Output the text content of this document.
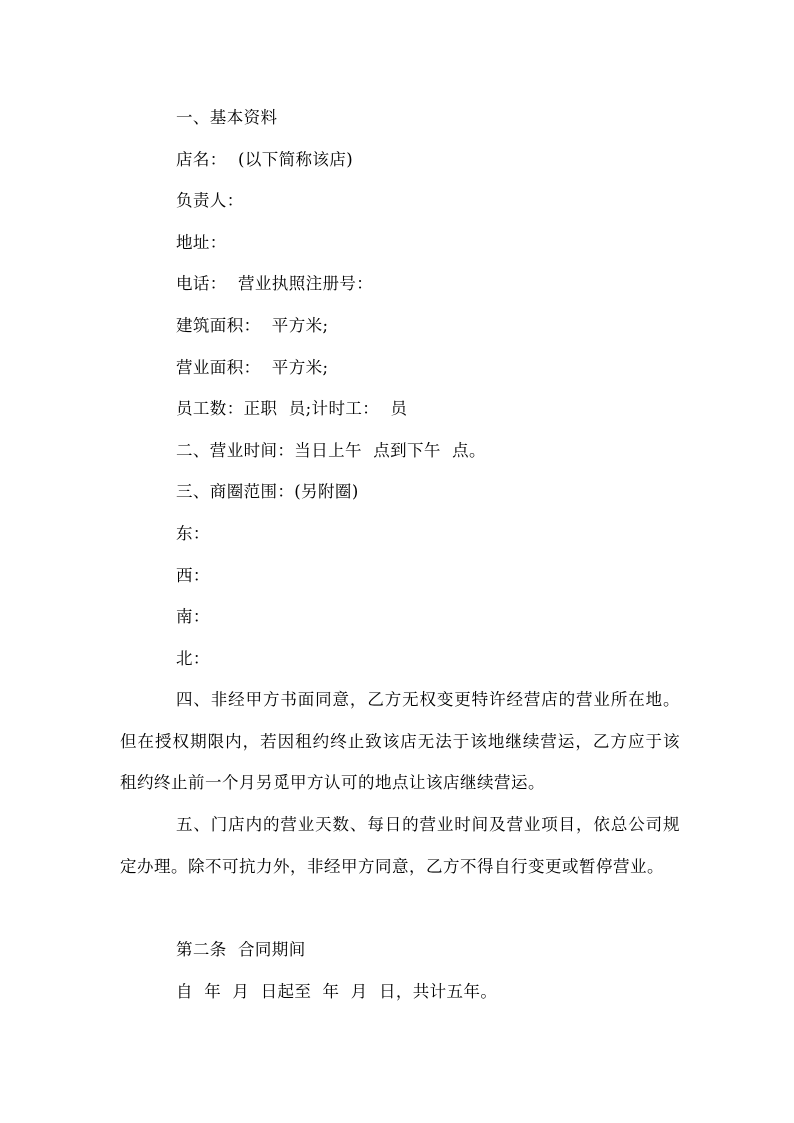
一、基本资料
店名：  (以下简称该店)
负责人：
地址：
电话：  营业执照注册号：
建筑面积：  平方米;
营业面积：  平方米;
员工数：正职  员;计时工：  员
二、营业时间：当日上午  点到下午  点。
三、商圈范围：(另附圈)
东：
西：
南：
北：
四、非经甲方书面同意，乙方无权变更特许经营店的营业所在地。但在授权期限内，若因租约终止致该店无法于该地继续营运，乙方应于该租约终止前一个月另觅甲方认可的地点让该店继续营运。
五、门店内的营业天数、每日的营业时间及营业项目，依总公司规定办理。除不可抗力外，非经甲方同意，乙方不得自行变更或暂停营业。
第二条  合同期间
自  年  月  日起至  年  月  日，共计五年。
